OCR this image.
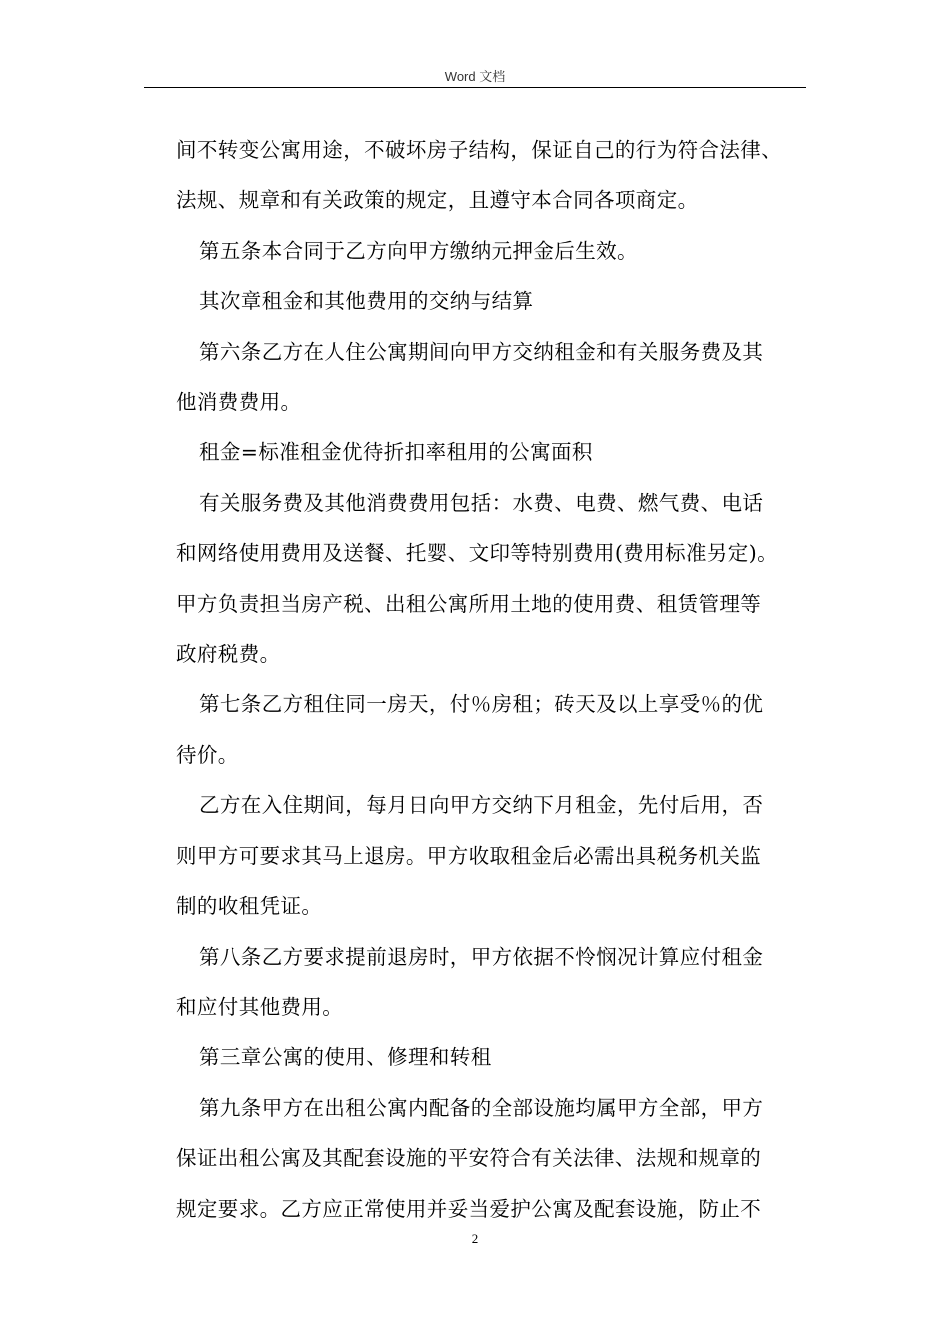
Word 文档

间不转变公寓用途，不破坏房子结构，保证自己的行为符合法律、

法规、规章和有关政策的规定，且遵守本合同各项商定。

第五条本合同于乙方向甲方缴纳元押金后生效。

其次章租金和其他费用的交纳与结算

第六条乙方在人住公寓期间向甲方交纳租金和有关服务费及其

他消费费用。

租金=标准租金优待折扣率租用的公寓面积

有关服务费及其他消费费用包括：水费、电费、燃气费、电话

和网络使用费用及送餐、托婴、文印等特别费用(费用标准另定)。

甲方负责担当房产税、出租公寓所用土地的使用费、租赁管理等

政府税费。

第七条乙方租住同一房天，付％房租；砖天及以上享受％的优

待价。

乙方在入住期间，每月日向甲方交纳下月租金，先付后用，否

则甲方可要求其马上退房。甲方收取租金后必需出具税务机关监

制的收租凭证。

第八条乙方要求提前退房时，甲方依据不怜悯况计算应付租金

和应付其他费用。

第三章公寓的使用、修理和转租

第九条甲方在出租公寓内配备的全部设施均属甲方全部，甲方

保证出租公寓及其配套设施的平安符合有关法律、法规和规章的

规定要求。乙方应正常使用并妥当爱护公寓及配套设施，防止不

2
